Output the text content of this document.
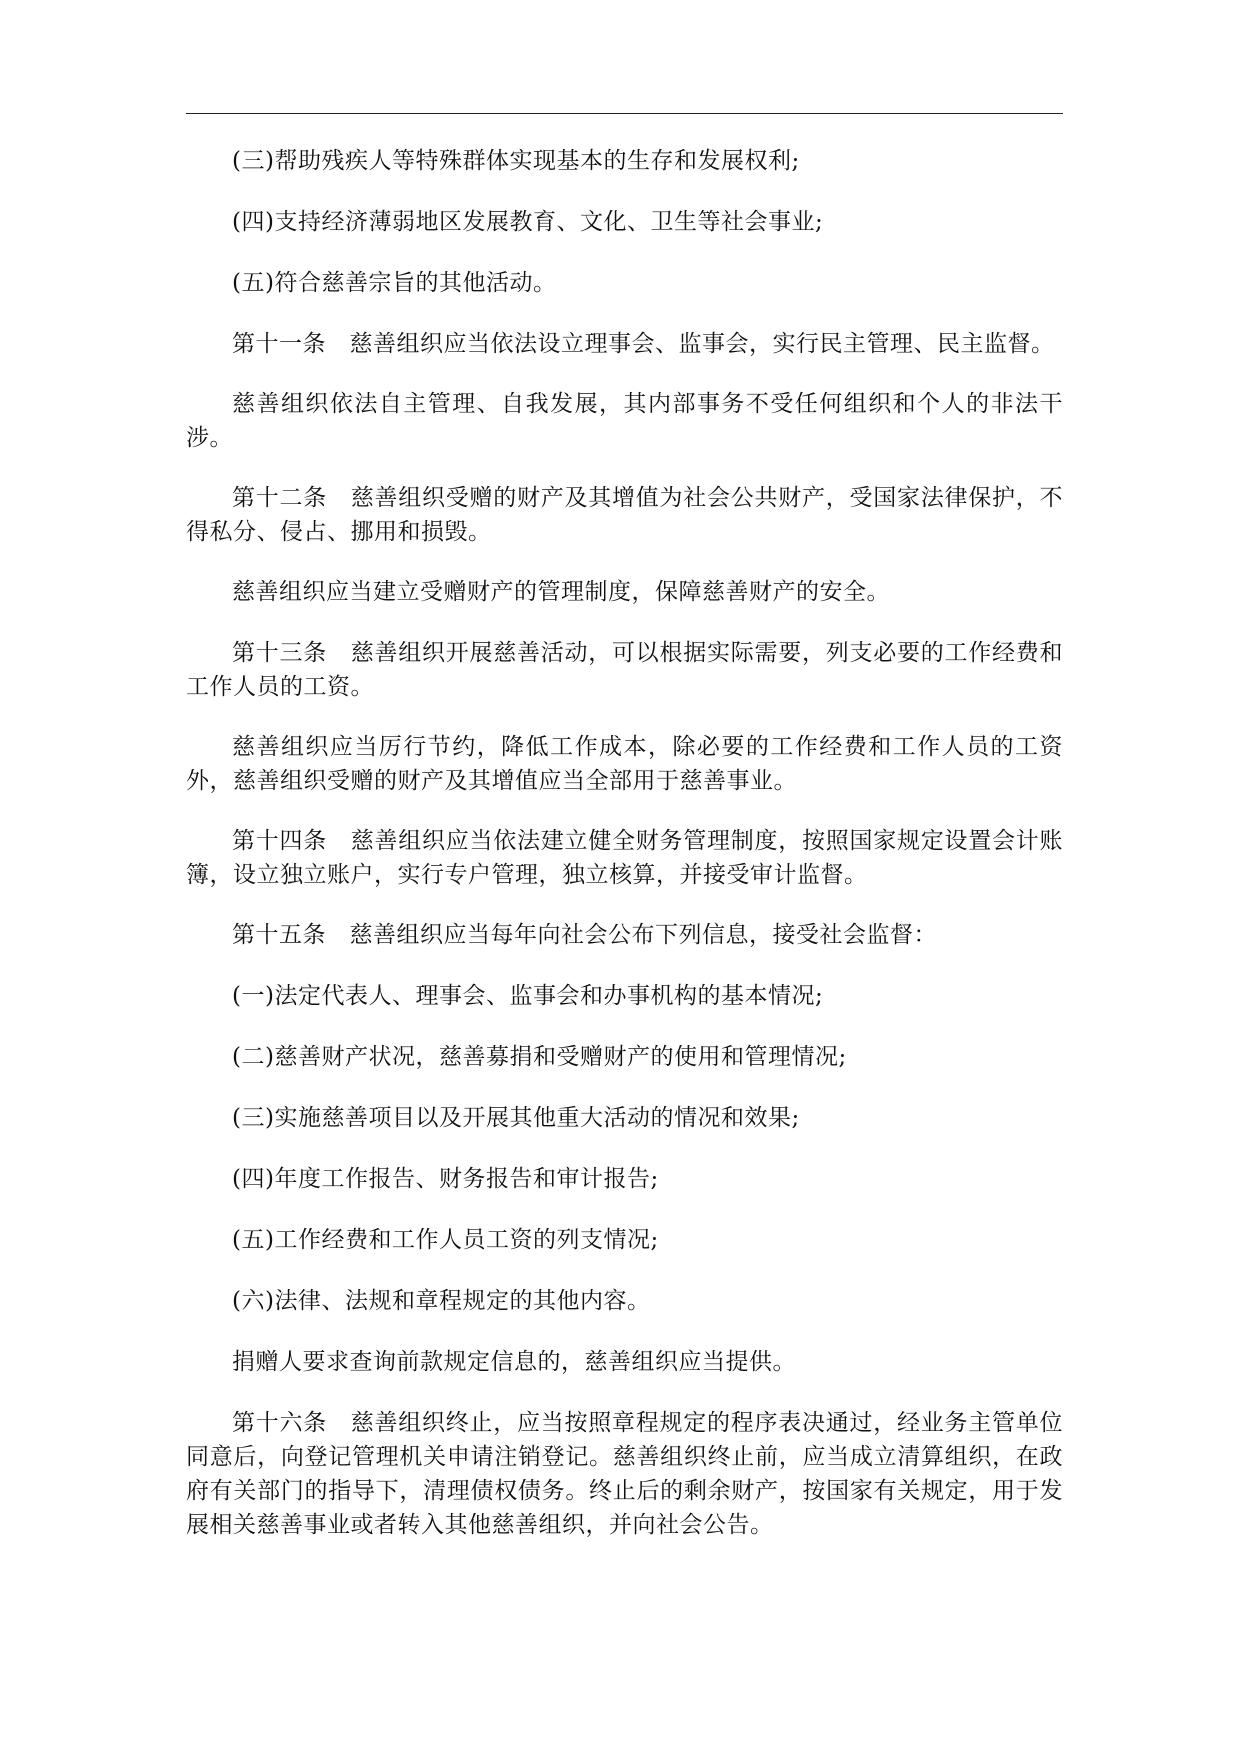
(三)帮助残疾人等特殊群体实现基本的生存和发展权利;

(四)支持经济薄弱地区发展教育、文化、卫生等社会事业;

(五)符合慈善宗旨的其他活动。

第十一条　慈善组织应当依法设立理事会、监事会，实行民主管理、民主监督。

慈善组织依法自主管理、自我发展，其内部事务不受任何组织和个人的非法干涉。

第十二条　慈善组织受赠的财产及其增值为社会公共财产，受国家法律保护，不得私分、侵占、挪用和损毁。

慈善组织应当建立受赠财产的管理制度，保障慈善财产的安全。

第十三条　慈善组织开展慈善活动，可以根据实际需要，列支必要的工作经费和工作人员的工资。

慈善组织应当厉行节约，降低工作成本，除必要的工作经费和工作人员的工资外，慈善组织受赠的财产及其增值应当全部用于慈善事业。

第十四条　慈善组织应当依法建立健全财务管理制度，按照国家规定设置会计账簿，设立独立账户，实行专户管理，独立核算，并接受审计监督。

第十五条　慈善组织应当每年向社会公布下列信息，接受社会监督：

(一)法定代表人、理事会、监事会和办事机构的基本情况;

(二)慈善财产状况，慈善募捐和受赠财产的使用和管理情况;

(三)实施慈善项目以及开展其他重大活动的情况和效果;

(四)年度工作报告、财务报告和审计报告;

(五)工作经费和工作人员工资的列支情况;

(六)法律、法规和章程规定的其他内容。

捐赠人要求查询前款规定信息的，慈善组织应当提供。

第十六条　慈善组织终止，应当按照章程规定的程序表决通过，经业务主管单位同意后，向登记管理机关申请注销登记。慈善组织终止前，应当成立清算组织，在政府有关部门的指导下，清理债权债务。终止后的剩余财产，按国家有关规定，用于发展相关慈善事业或者转入其他慈善组织，并向社会公告。
